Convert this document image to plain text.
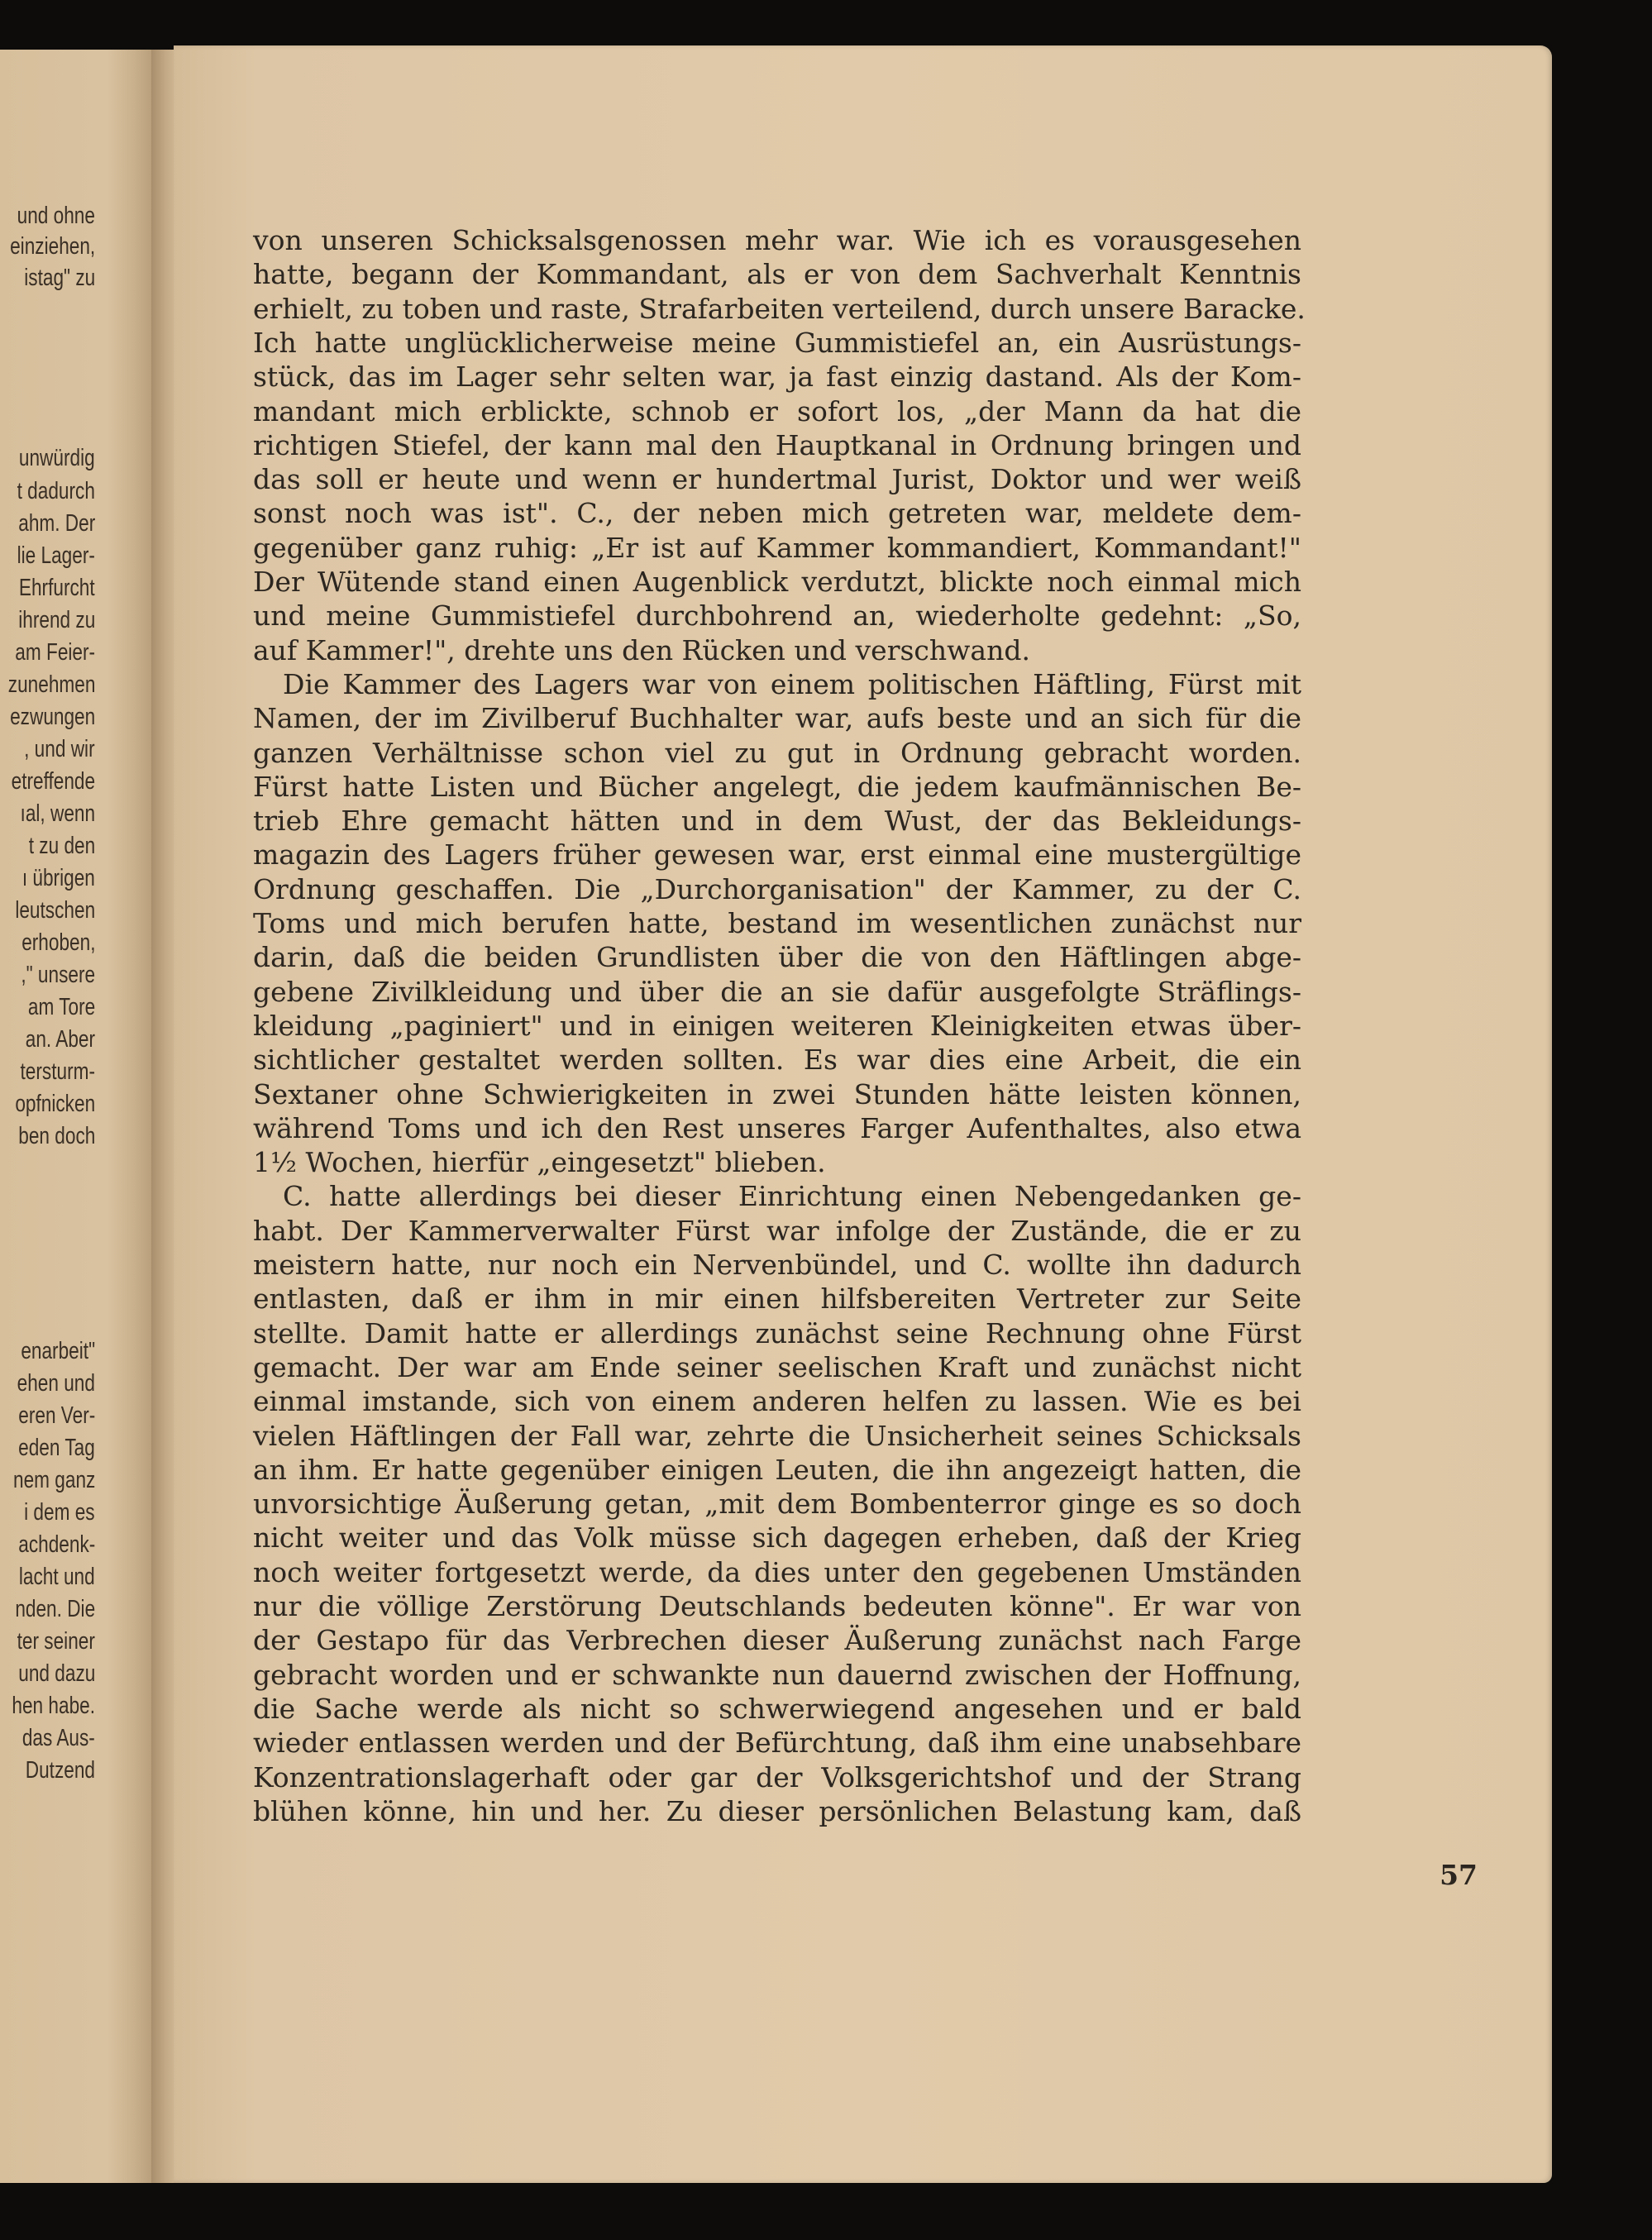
und ohne
einziehen,
istag" zu
unwürdig
t dadurch
ahm. Der
lie Lager-
Ehrfurcht
ihrend zu
am Feier-
zunehmen
ezwungen
, und wir
etreffende
ıal, wenn
t zu den
ı übrigen
leutschen
erhoben,
," unsere
am Tore
an. Aber
tersturm-
opfnicken
ben doch
enarbeit"
ehen und
eren Ver-
eden Tag
nem ganz
i dem es
achdenk-
lacht und
nden. Die
ter seiner
und dazu
hen habe.
das Aus-
Dutzend
von unseren Schicksalsgenossen mehr war. Wie ich es vorausgesehen
hatte, begann der Kommandant, als er von dem Sachverhalt Kenntnis
erhielt, zu toben und raste, Strafarbeiten verteilend, durch unsere Baracke.
Ich hatte unglücklicherweise meine Gummistiefel an, ein Ausrüstungs-
stück, das im Lager sehr selten war, ja fast einzig dastand. Als der Kom-
mandant mich erblickte, schnob er sofort los, „der Mann da hat die
richtigen Stiefel, der kann mal den Hauptkanal in Ordnung bringen und
das soll er heute und wenn er hundertmal Jurist, Doktor und wer weiß
sonst noch was ist". C., der neben mich getreten war, meldete dem-
gegenüber ganz ruhig: „Er ist auf Kammer kommandiert, Kommandant!"
Der Wütende stand einen Augenblick verdutzt, blickte noch einmal mich
und meine Gummistiefel durchbohrend an, wiederholte gedehnt: „So,
auf Kammer!", drehte uns den Rücken und verschwand.
Die Kammer des Lagers war von einem politischen Häftling, Fürst mit
Namen, der im Zivilberuf Buchhalter war, aufs beste und an sich für die
ganzen Verhältnisse schon viel zu gut in Ordnung gebracht worden.
Fürst hatte Listen und Bücher angelegt, die jedem kaufmännischen Be-
trieb Ehre gemacht hätten und in dem Wust, der das Bekleidungs-
magazin des Lagers früher gewesen war, erst einmal eine mustergültige
Ordnung geschaffen. Die „Durchorganisation" der Kammer, zu der C.
Toms und mich berufen hatte, bestand im wesentlichen zunächst nur
darin, daß die beiden Grundlisten über die von den Häftlingen abge-
gebene Zivilkleidung und über die an sie dafür ausgefolgte Sträflings-
kleidung „paginiert" und in einigen weiteren Kleinigkeiten etwas über-
sichtlicher gestaltet werden sollten. Es war dies eine Arbeit, die ein
Sextaner ohne Schwierigkeiten in zwei Stunden hätte leisten können,
während Toms und ich den Rest unseres Farger Aufenthaltes, also etwa
1½ Wochen, hierfür „eingesetzt" blieben.
C. hatte allerdings bei dieser Einrichtung einen Nebengedanken ge-
habt. Der Kammerverwalter Fürst war infolge der Zustände, die er zu
meistern hatte, nur noch ein Nervenbündel, und C. wollte ihn dadurch
entlasten, daß er ihm in mir einen hilfsbereiten Vertreter zur Seite
stellte. Damit hatte er allerdings zunächst seine Rechnung ohne Fürst
gemacht. Der war am Ende seiner seelischen Kraft und zunächst nicht
einmal imstande, sich von einem anderen helfen zu lassen. Wie es bei
vielen Häftlingen der Fall war, zehrte die Unsicherheit seines Schicksals
an ihm. Er hatte gegenüber einigen Leuten, die ihn angezeigt hatten, die
unvorsichtige Äußerung getan, „mit dem Bombenterror ginge es so doch
nicht weiter und das Volk müsse sich dagegen erheben, daß der Krieg
noch weiter fortgesetzt werde, da dies unter den gegebenen Umständen
nur die völlige Zerstörung Deutschlands bedeuten könne". Er war von
der Gestapo für das Verbrechen dieser Äußerung zunächst nach Farge
gebracht worden und er schwankte nun dauernd zwischen der Hoffnung,
die Sache werde als nicht so schwerwiegend angesehen und er bald
wieder entlassen werden und der Befürchtung, daß ihm eine unabsehbare
Konzentrationslagerhaft oder gar der Volksgerichtshof und der Strang
blühen könne, hin und her. Zu dieser persönlichen Belastung kam, daß
57
